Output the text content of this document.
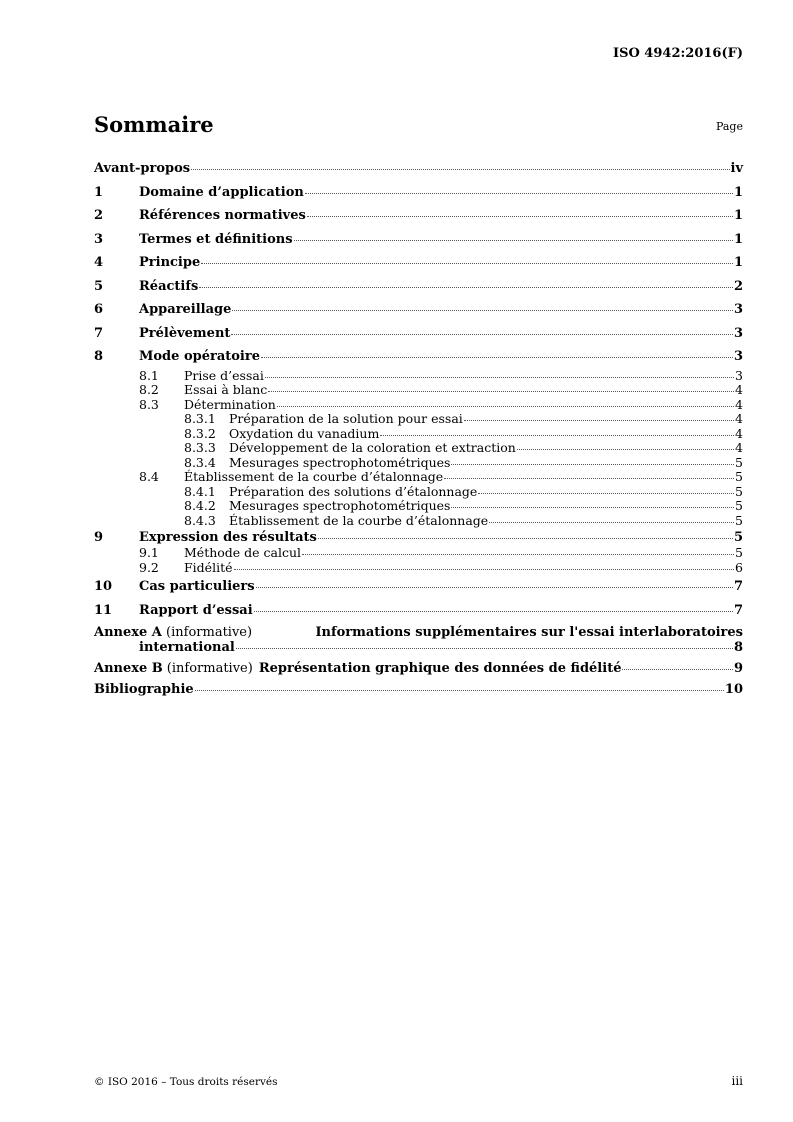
ISO 4942:2016(F)
Sommaire	Page
Avant-propos	iv
1	Domaine d’application	1
2	Références normatives	1
3	Termes et définitions	1
4	Principe	1
5	Réactifs	2
6	Appareillage	3
7	Prélèvement	3
8	Mode opératoire	3
8.1	Prise d’essai	3
8.2	Essai à blanc	4
8.3	Détermination	4
8.3.1	Préparation de la solution pour essai	4
8.3.2	Oxydation du vanadium	4
8.3.3	Développement de la coloration et extraction	4
8.3.4	Mesurages spectrophotométriques	5
8.4	Établissement de la courbe d’étalonnage	5
8.4.1	Préparation des solutions d’étalonnage	5
8.4.2	Mesurages spectrophotométriques	5
8.4.3	Établissement de la courbe d’étalonnage	5
9	Expression des résultats	5
9.1	Méthode de calcul	5
9.2	Fidélité	6
10	Cas particuliers	7
11	Rapport d’essai	7
Annexe A (informative)	Informations supplémentaires sur l'essai interlaboratoires
international	8
Annexe B (informative) Représentation graphique des données de fidélité	9
Bibliographie	10
© ISO 2016 – Tous droits réservés	iii
